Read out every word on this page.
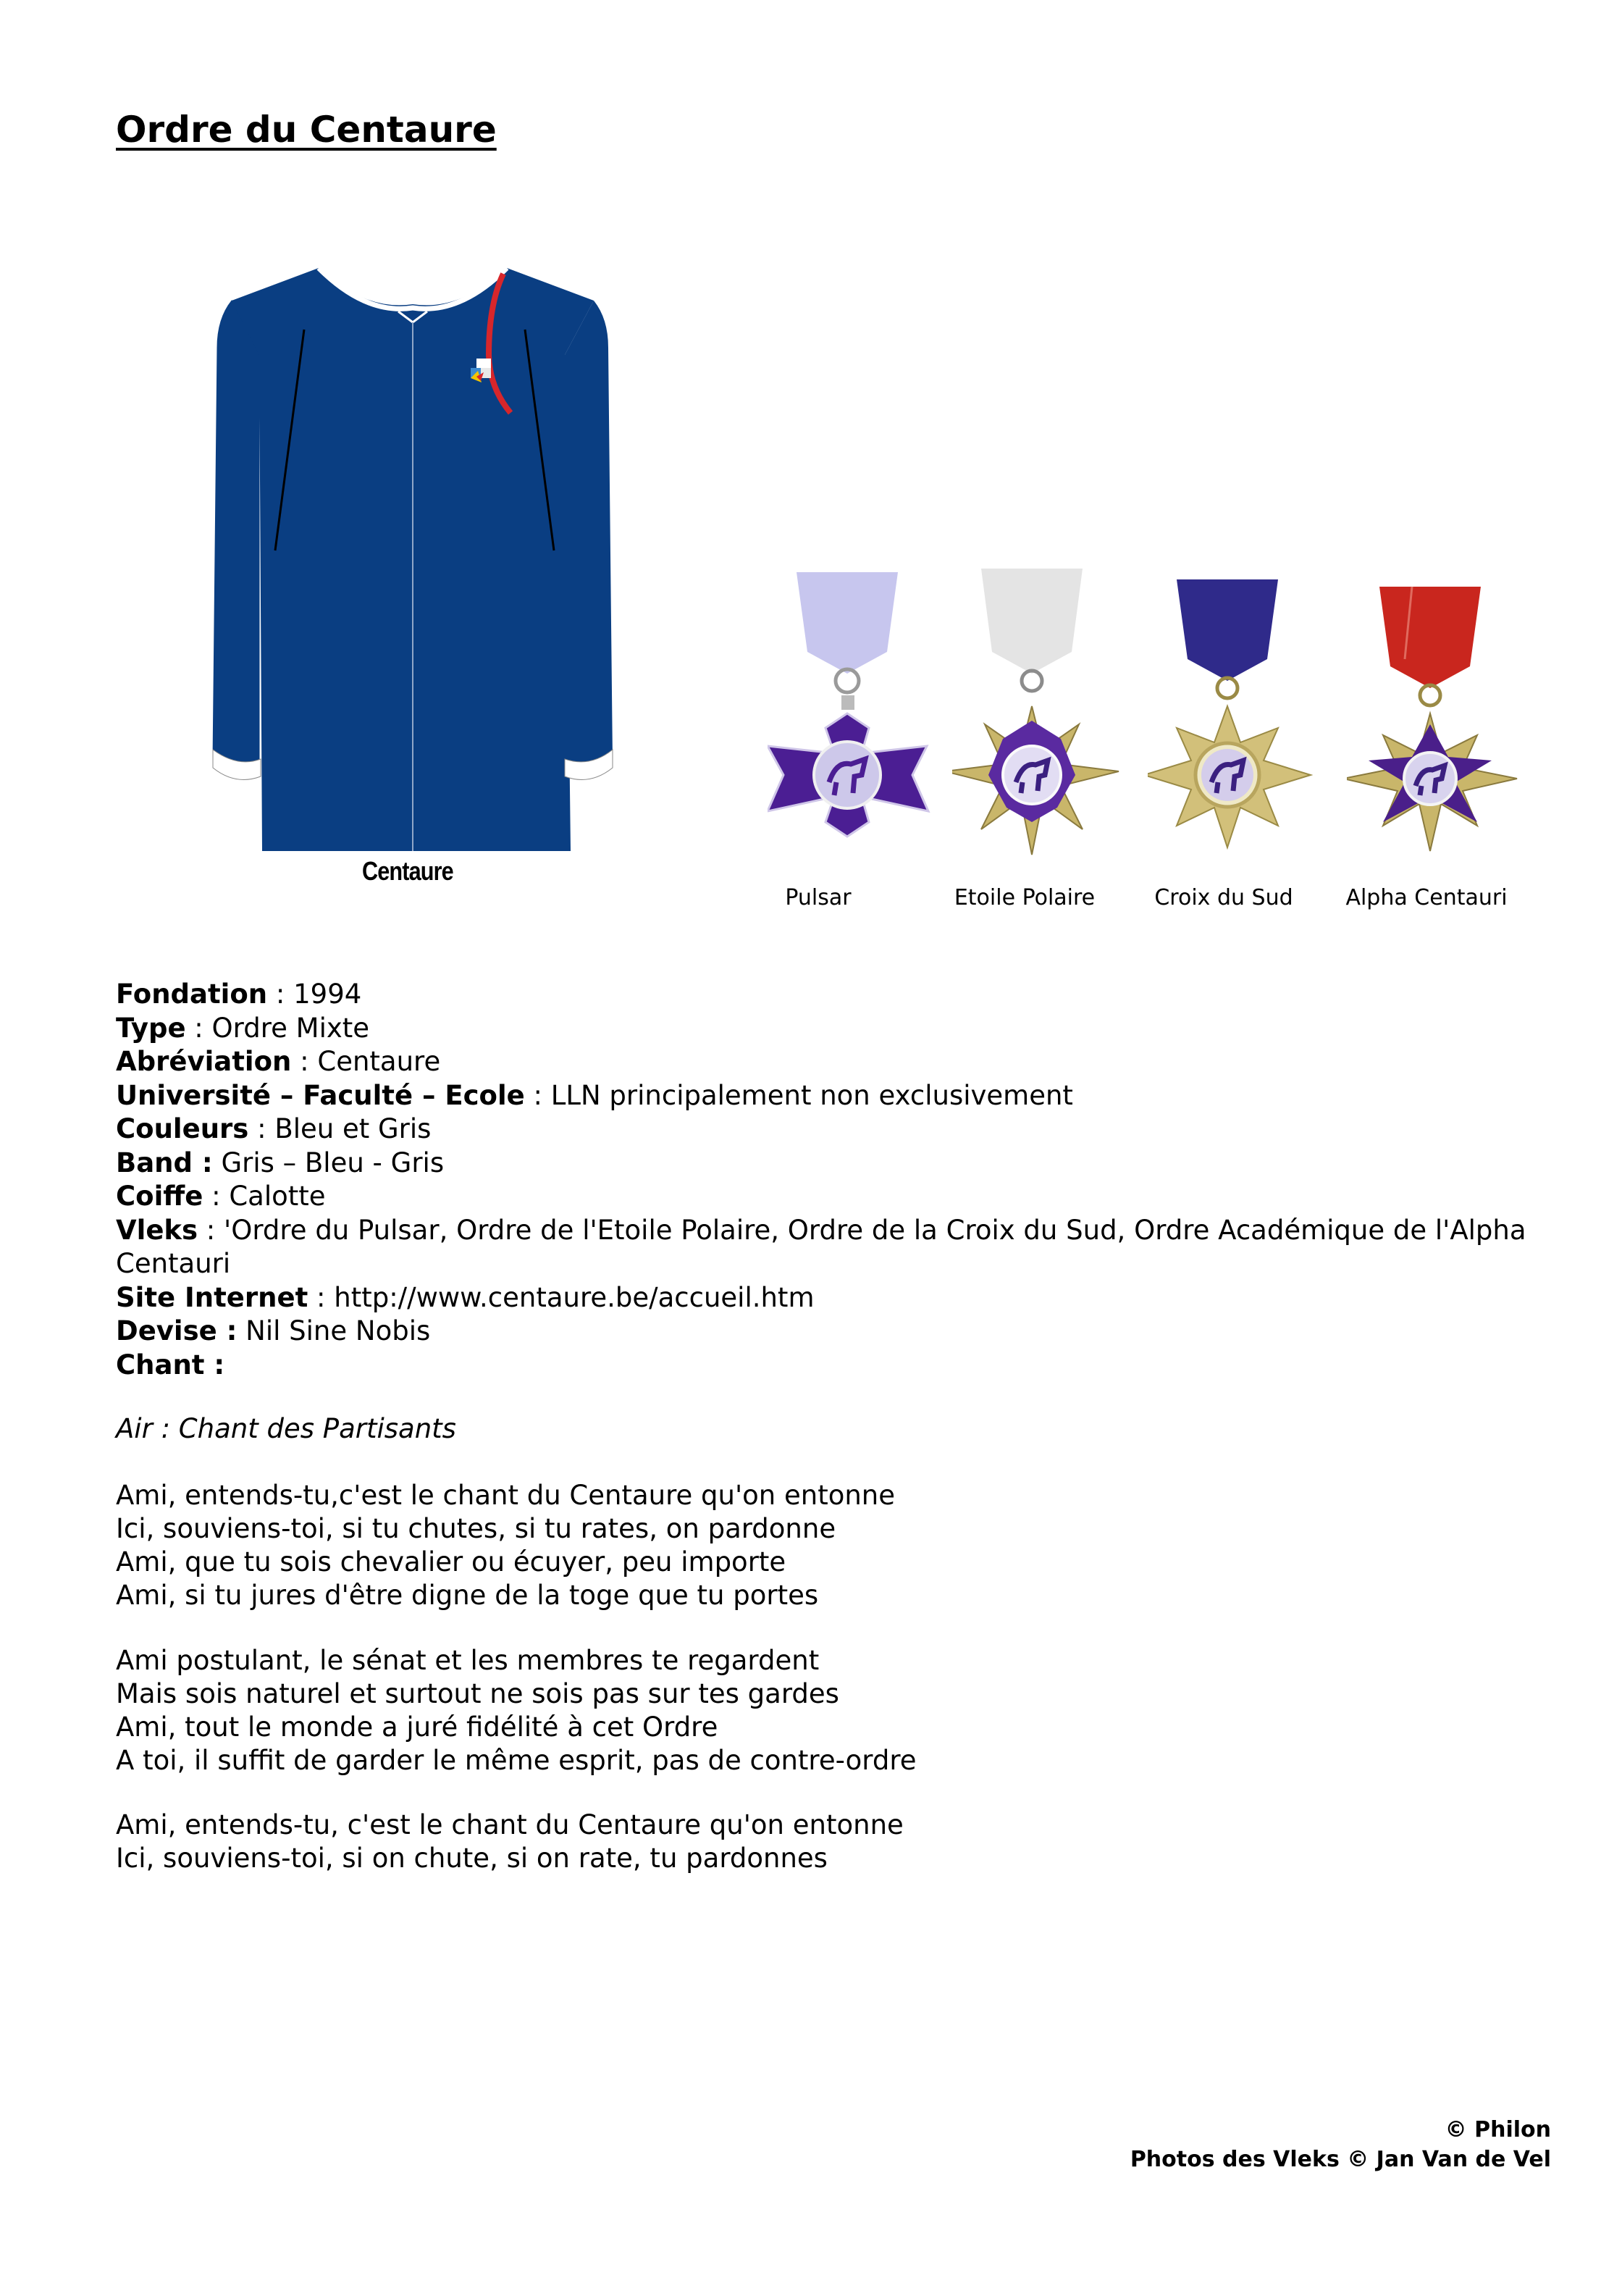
Ordre du Centaure
Centaure
Pulsar	Etoile Polaire	Croix du Sud	Alpha Centauri
Fondation : 1994
Type : Ordre Mixte
Abréviation : Centaure
Université – Faculté – Ecole : LLN principalement non exclusivement
Couleurs : Bleu et Gris
Band : Gris – Bleu - Gris
Coiffe : Calotte
Vleks : 'Ordre du Pulsar, Ordre de l'Etoile Polaire, Ordre de la Croix du Sud, Ordre Académique de l'Alpha Centauri
Site Internet : http://www.centaure.be/accueil.htm
Devise : Nil Sine Nobis
Chant :
Air : Chant des Partisants

Ami, entends-tu,c'est le chant du Centaure qu'on entonne

Ici, souviens-toi, si tu chutes, si tu rates, on pardonne

Ami, que tu sois chevalier ou écuyer, peu importe

Ami, si tu jures d'être digne de la toge que tu portes

Ami postulant, le sénat et les membres te regardent

Mais sois naturel et surtout ne sois pas sur tes gardes

Ami, tout le monde a juré fidélité à cet Ordre

A toi, il suffit de garder le même esprit, pas de contre-ordre

Ami, entends-tu, c'est le chant du Centaure qu'on entonne

Ici, souviens-toi, si on chute, si on rate, tu pardonnes

© Philon
Photos des Vleks © Jan Van de Vel
